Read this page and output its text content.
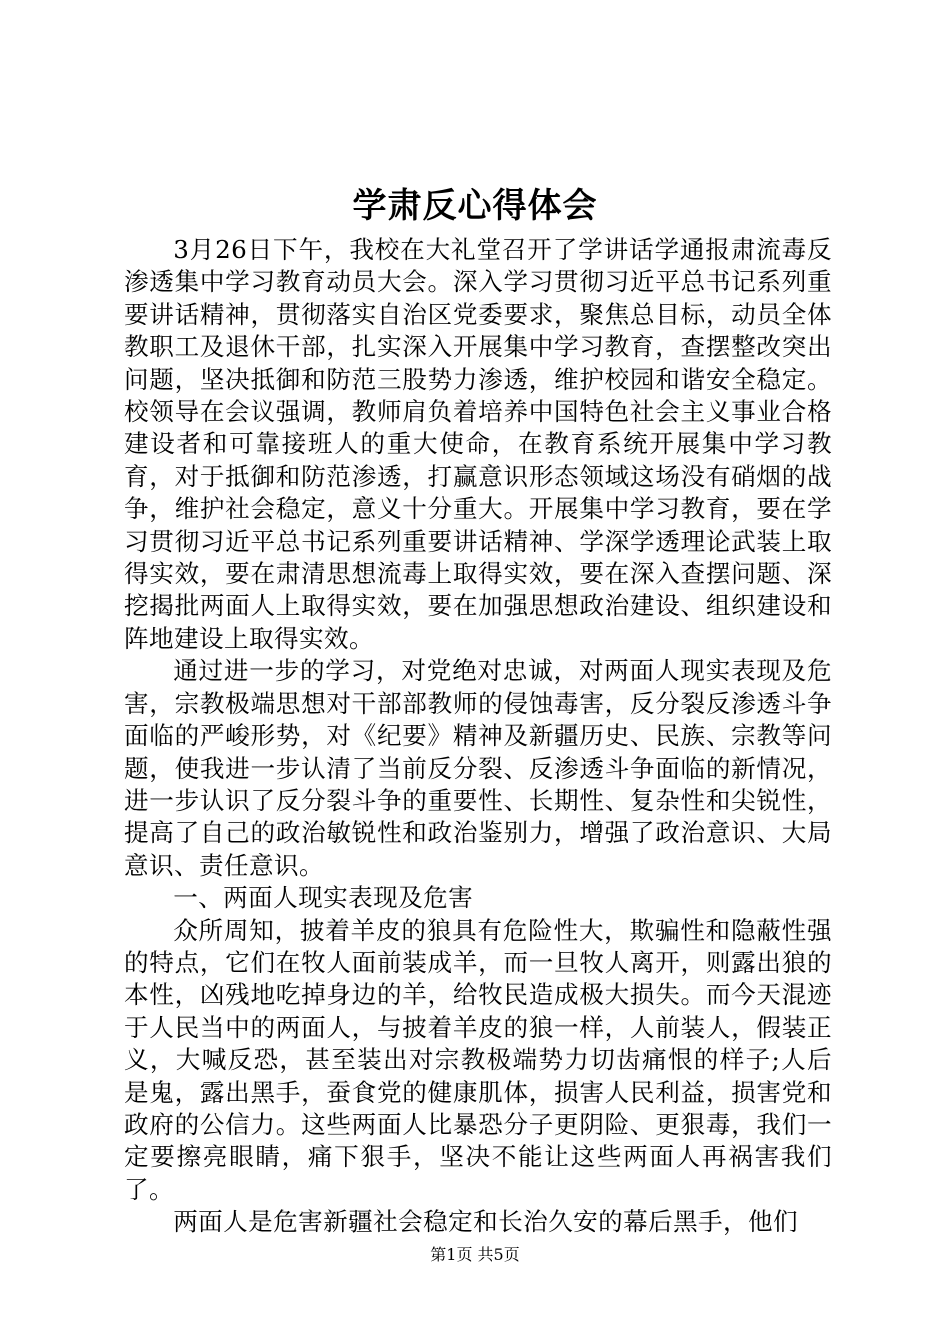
学肃反心得体会

3月26日下午，我校在大礼堂召开了学讲话学通报肃流毒反渗透集中学习教育动员大会。深入学习贯彻习近平总书记系列重要讲话精神，贯彻落实自治区党委要求，聚焦总目标，动员全体教职工及退休干部，扎实深入开展集中学习教育，查摆整改突出问题，坚决抵御和防范三股势力渗透，维护校园和谐安全稳定。校领导在会议强调，教师肩负着培养中国特色社会主义事业合格建设者和可靠接班人的重大使命，在教育系统开展集中学习教育，对于抵御和防范渗透，打赢意识形态领域这场没有硝烟的战争，维护社会稳定，意义十分重大。开展集中学习教育，要在学习贯彻习近平总书记系列重要讲话精神、学深学透理论武装上取得实效，要在肃清思想流毒上取得实效，要在深入查摆问题、深挖揭批两面人上取得实效，要在加强思想政治建设、组织建设和阵地建设上取得实效。

通过进一步的学习，对党绝对忠诚，对两面人现实表现及危害，宗教极端思想对干部部教师的侵蚀毒害，反分裂反渗透斗争面临的严峻形势，对《纪要》精神及新疆历史、民族、宗教等问题，使我进一步认清了当前反分裂、反渗透斗争面临的新情况，进一步认识了反分裂斗争的重要性、长期性、复杂性和尖锐性，提高了自己的政治敏锐性和政治鉴别力，增强了政治意识、大局意识、责任意识。

一、两面人现实表现及危害

众所周知，披着羊皮的狼具有危险性大，欺骗性和隐蔽性强的特点，它们在牧人面前装成羊，而一旦牧人离开，则露出狼的本性，凶残地吃掉身边的羊，给牧民造成极大损失。而今天混迹于人民当中的两面人，与披着羊皮的狼一样，人前装人，假装正义，大喊反恐，甚至装出对宗教极端势力切齿痛恨的样子;人后是鬼，露出黑手，蚕食党的健康肌体，损害人民利益，损害党和政府的公信力。这些两面人比暴恐分子更阴险、更狠毒，我们一定要擦亮眼睛，痛下狠手，坚决不能让这些两面人再祸害我们了。

两面人是危害新疆社会稳定和长治久安的幕后黑手，他们

第1页 共5页
